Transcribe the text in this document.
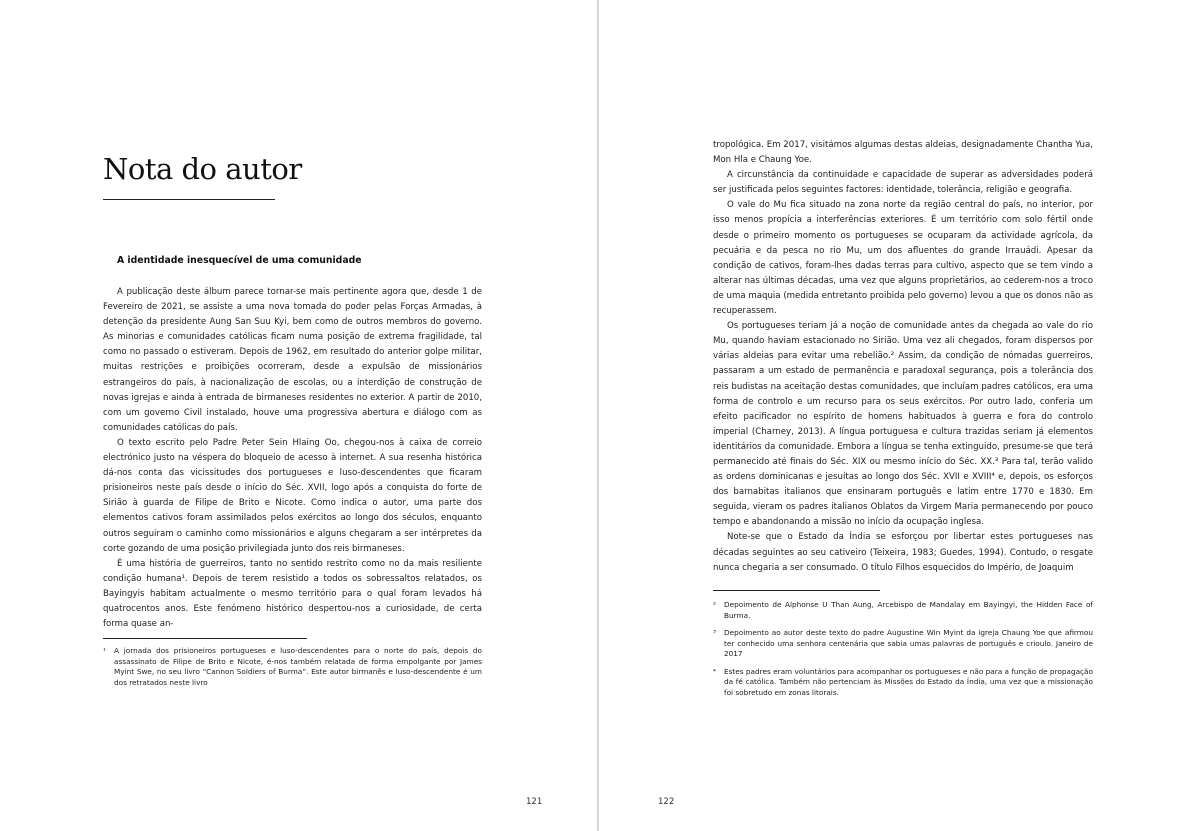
Nota do autor
A identidade inesquecível de uma comunidade

A publicação deste álbum parece tornar-se mais pertinente agora que, desde 1 de Fevereiro de 2021, se assiste a uma nova tomada do poder pelas Forças Armadas, à detenção da presidente Aung San Suu Kyi, bem como de outros membros do governo. As minorias e comunidades católicas ficam numa posição de extrema fragilidade, tal como no passado o estiveram. Depois de 1962, em resultado do anterior golpe militar, muitas restrições e proibições ocorreram, desde a expulsão de missionários estrangeiros do país, à nacionalização de escolas, ou a interdição de construção de novas igrejas e ainda à entrada de birmaneses residentes no exterior. A partir de 2010, com um governo Civil instalado, houve uma progressiva abertura e diálogo com as comunidades católicas do país.

O texto escrito pelo Padre Peter Sein Hlaing Oo, chegou-nos à caixa de correio electrónico justo na véspera do bloqueio de acesso à internet. A sua resenha histórica dá-nos conta das vicissitudes dos portugueses e luso-descendentes que ficaram prisioneiros neste país desde o início do Séc. XVII, logo após a conquista do forte de Sirião à guarda de Filipe de Brito e Nicote. Como indica o autor, uma parte dos elementos cativos foram assimilados pelos exércitos ao longo dos séculos, enquanto outros seguiram o caminho como missionários e alguns chegaram a ser intérpretes da corte gozando de uma posição privilegiada junto dos reis birmaneses.

É uma história de guerreiros, tanto no sentido restrito como no da mais resiliente condição humana¹. Depois de terem resistido a todos os sobressaltos relatados, os Bayingyis habitam actualmente o mesmo território para o qual foram levados há quatrocentos anos. Este fenómeno histórico despertou-nos a curiosidade, de certa forma quase an-

¹ A jornada dos prisioneiros portugueses e luso-descendentes para o norte do país, depois do assassinato de Filipe de Brito e Nicote, é-nos também relatada de forma empolgante por James Myint Swe, no seu livro “Cannon Soldiers of Burma”. Este autor birmanês e luso-descendente é um dos retratados neste livro
121

tropológica. Em 2017, visitámos algumas destas aldeias, designadamente Chantha Yua, Mon Hla e Chaung Yoe.

A circunstância da continuidade e capacidade de superar as adversidades poderá ser justificada pelos seguintes factores: identidade, tolerância, religião e geografia.

O vale do Mu fica situado na zona norte da região central do país, no interior, por isso menos propícia a interferências exteriores. É um território com solo fértil onde desde o primeiro momento os portugueses se ocuparam da actividade agrícola, da pecuária e da pesca no rio Mu, um dos afluentes do grande Irrauádi. Apesar da condição de cativos, foram-lhes dadas terras para cultivo, aspecto que se tem vindo a alterar nas últimas décadas, uma vez que alguns proprietários, ao cederem-nos a troco de uma maquia (medida entretanto proibida pelo governo) levou a que os donos não as recuperassem.

Os portugueses teriam já a noção de comunidade antes da chegada ao vale do rio Mu, quando haviam estacionado no Sirião. Uma vez ali chegados, foram dispersos por várias aldeias para evitar uma rebelião.² Assim, da condição de nómadas guerreiros, passaram a um estado de permanência e paradoxal segurança, pois a tolerância dos reis budistas na aceitação destas comunidades, que incluíam padres católicos, era uma forma de controlo e um recurso para os seus exércitos. Por outro lado, conferia um efeito pacificador no espírito de homens habituados à guerra e fora do controlo imperial (Charney, 2013). A língua portuguesa e cultura trazidas seriam já elementos identitários da comunidade. Embora a língua se tenha extinguido, presume-se que terá permanecido até finais do Séc. XIX ou mesmo início do Séc. XX.³ Para tal, terão valido as ordens dominicanas e jesuítas ao longo dos Séc. XVII e XVIII⁴ e, depois, os esforços dos barnabitas italianos que ensinaram português e latim entre 1770 e 1830. Em seguida, vieram os padres italianos Oblatos da Virgem Maria permanecendo por pouco tempo e abandonando a missão no início da ocupação inglesa.

Note-se que o Estado da Índia se esforçou por libertar estes portugueses nas décadas seguintes ao seu cativeiro (Teixeira, 1983; Guedes, 1994). Contudo, o resgate nunca chegaria a ser consumado. O título Filhos esquecidos do Império, de Joaquim

² Depoimento de Alphonse U Than Aung, Arcebispo de Mandalay em Bayingyi, the Hidden Face of Burma.
³ Depoimento ao autor deste texto do padre Augustine Win Myint da igreja Chaung Yoe que afirmou ter conhecido uma senhora centenária que sabia umas palavras de português e crioulo. Janeiro de 2017
⁴ Estes padres eram voluntários para acompanhar os portugueses e não para a função de propagação da fé católica. Também não pertenciam às Missões do Estado da Índia, uma vez que a missionação foi sobretudo em zonas litorais.
122
